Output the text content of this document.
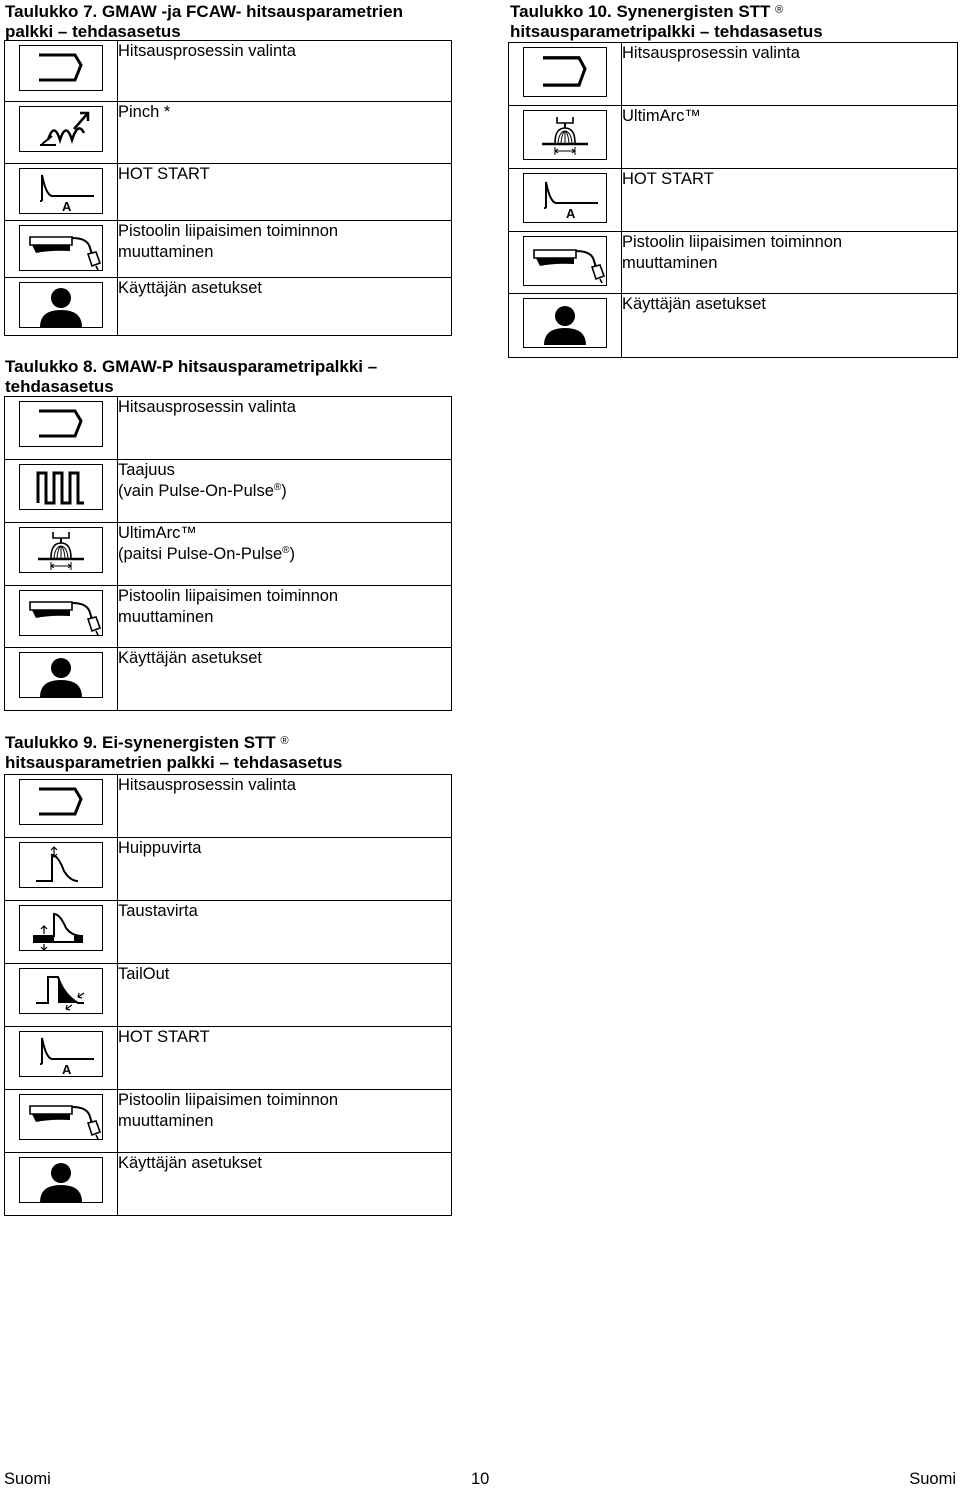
Taulukko 7. GMAW -ja FCAW- hitsausparametrien
palkki – tehdasasetus
	Hitsausprosessin valinta

	Pinch *

	HOT START

Pistoolin liipaisimen toiminnon
muuttaminen

	Käyttäjän asetukset
Taulukko 8. GMAW-P hitsausparametripalkki –
tehdasasetus
	Hitsausprosessin valinta

Taajuus
(vain Pulse-On-Pulse®)

UltimArc™
(paitsi Pulse-On-Pulse®)

Pistoolin liipaisimen toiminnon
muuttaminen

	Käyttäjän asetukset
Taulukko 9. Ei-synenergisten STT ®
hitsausparametrien palkki – tehdasasetus
	Hitsausprosessin valinta

	Huippuvirta

	Taustavirta

	TailOut

	HOT START

Pistoolin liipaisimen toiminnon
muuttaminen

	Käyttäjän asetukset
Taulukko 10. Synenergisten STT ®
hitsausparametripalkki – tehdasasetus
	Hitsausprosessin valinta

	UltimArc™

	HOT START

Pistoolin liipaisimen toiminnon
muuttaminen

	Käyttäjän asetukset
Suomi	10	Suomi
